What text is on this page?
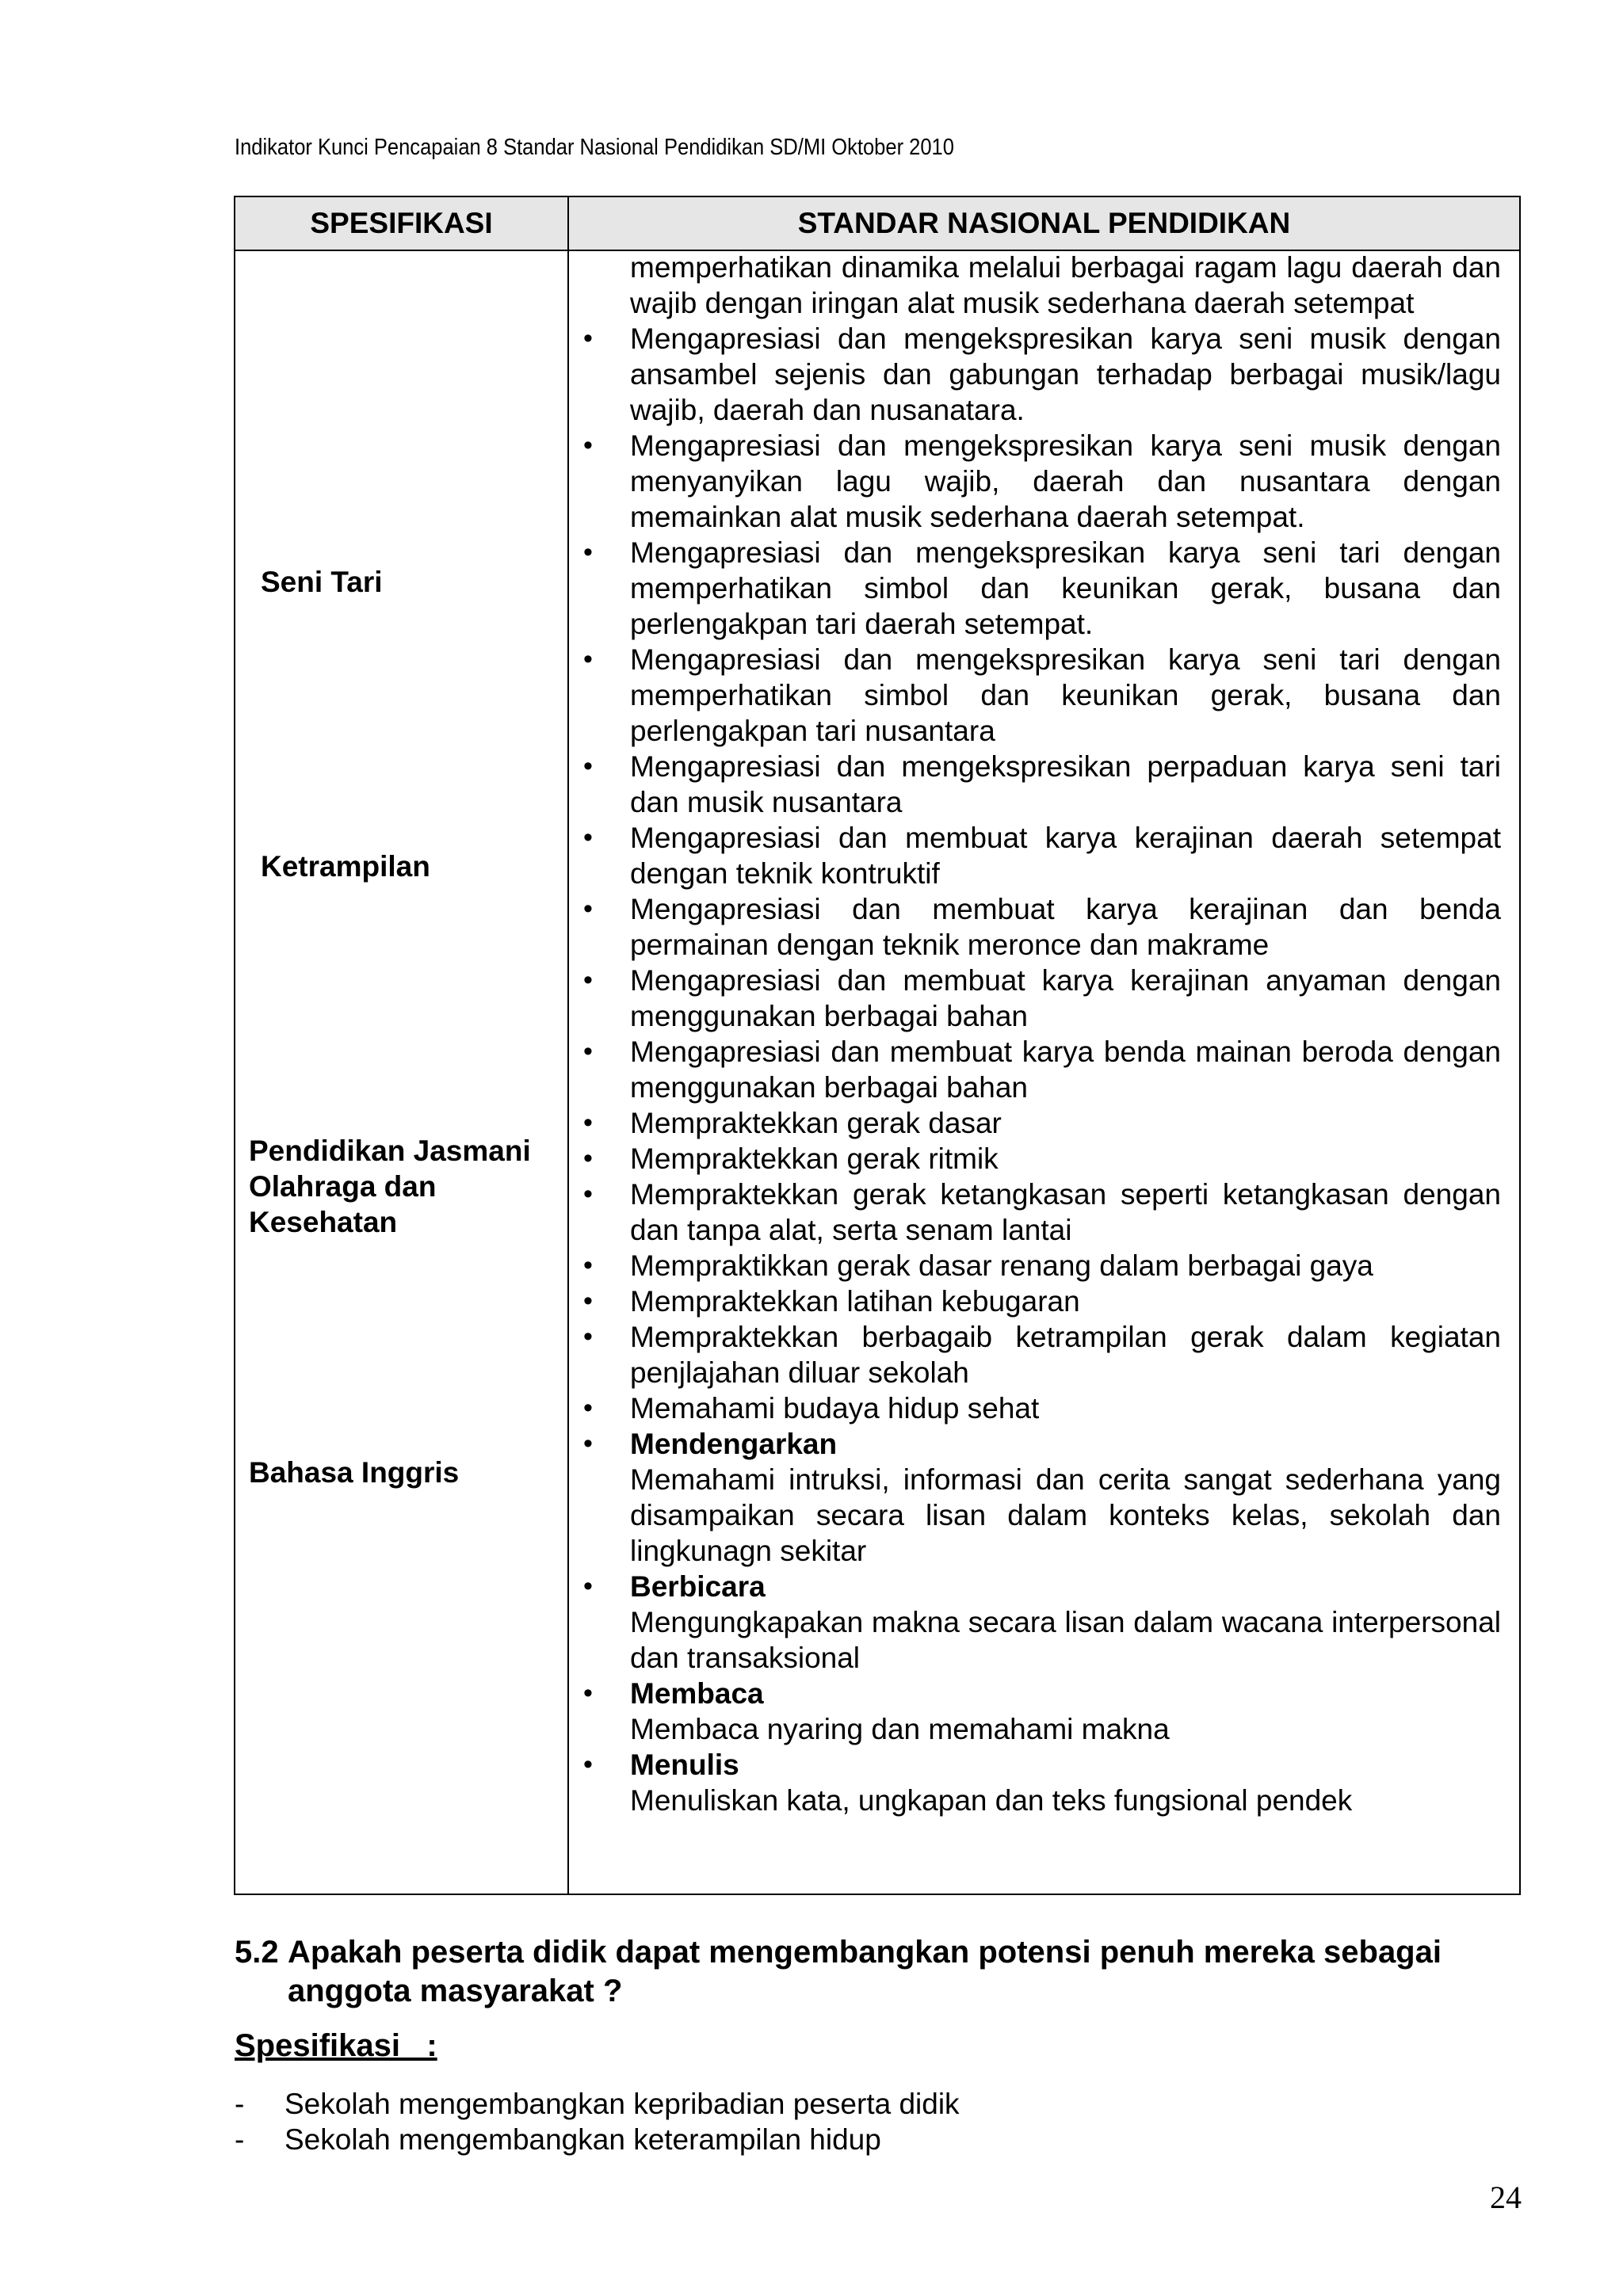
Indikator Kunci Pencapaian 8 Standar Nasional Pendidikan SD/MI Oktober 2010
SPESIFIKASI	STANDAR NASIONAL PENDIDIKAN
Seni Tari
Ketrampilan
Pendidikan Jasmani
Olahraga dan
Kesehatan
Bahasa Inggris
memperhatikan dinamika melalui berbagai ragam lagu daerah dan wajib dengan iringan alat musik sederhana daerah setempat
• Mengapresiasi dan mengekspresikan karya seni musik dengan ansambel sejenis dan gabungan terhadap berbagai musik/lagu wajib, daerah dan nusanatara.
• Mengapresiasi dan mengekspresikan karya seni musik dengan menyanyikan lagu wajib, daerah dan nusantara dengan memainkan alat musik sederhana daerah setempat.
• Mengapresiasi dan mengekspresikan karya seni tari dengan memperhatikan simbol dan keunikan gerak, busana dan perlengakpan tari daerah setempat.
• Mengapresiasi dan mengekspresikan karya seni tari dengan memperhatikan simbol dan keunikan gerak, busana dan perlengakpan tari nusantara
• Mengapresiasi dan mengekspresikan perpaduan karya seni tari dan musik nusantara
• Mengapresiasi dan membuat karya kerajinan daerah setempat dengan teknik kontruktif
• Mengapresiasi dan membuat karya kerajinan dan benda permainan dengan teknik meronce dan makrame
• Mengapresiasi dan membuat karya kerajinan anyaman dengan menggunakan berbagai bahan
• Mengapresiasi dan membuat karya benda mainan beroda dengan menggunakan berbagai bahan
• Mempraktekkan gerak dasar
• Mempraktekkan gerak ritmik
• Mempraktekkan gerak ketangkasan seperti ketangkasan dengan dan tanpa alat, serta senam lantai
• Mempraktikkan gerak dasar renang dalam berbagai gaya
• Mempraktekkan latihan kebugaran
• Mempraktekkan berbagaib ketrampilan gerak dalam kegiatan penjlajahan diluar sekolah
• Memahami budaya hidup sehat
• Mendengarkan
Memahami intruksi, informasi dan cerita sangat sederhana yang disampaikan secara lisan dalam konteks kelas, sekolah dan lingkunagn sekitar
• Berbicara
Mengungkapakan makna secara lisan dalam wacana interpersonal dan transaksional
• Membaca
Membaca nyaring dan memahami makna
• Menulis
Menuliskan kata, ungkapan dan teks fungsional pendek
5.2 Apakah peserta didik dapat mengembangkan potensi penuh mereka sebagai
anggota masyarakat ?
Spesifikasi   :
- Sekolah mengembangkan kepribadian peserta didik
- Sekolah mengembangkan keterampilan hidup
24
